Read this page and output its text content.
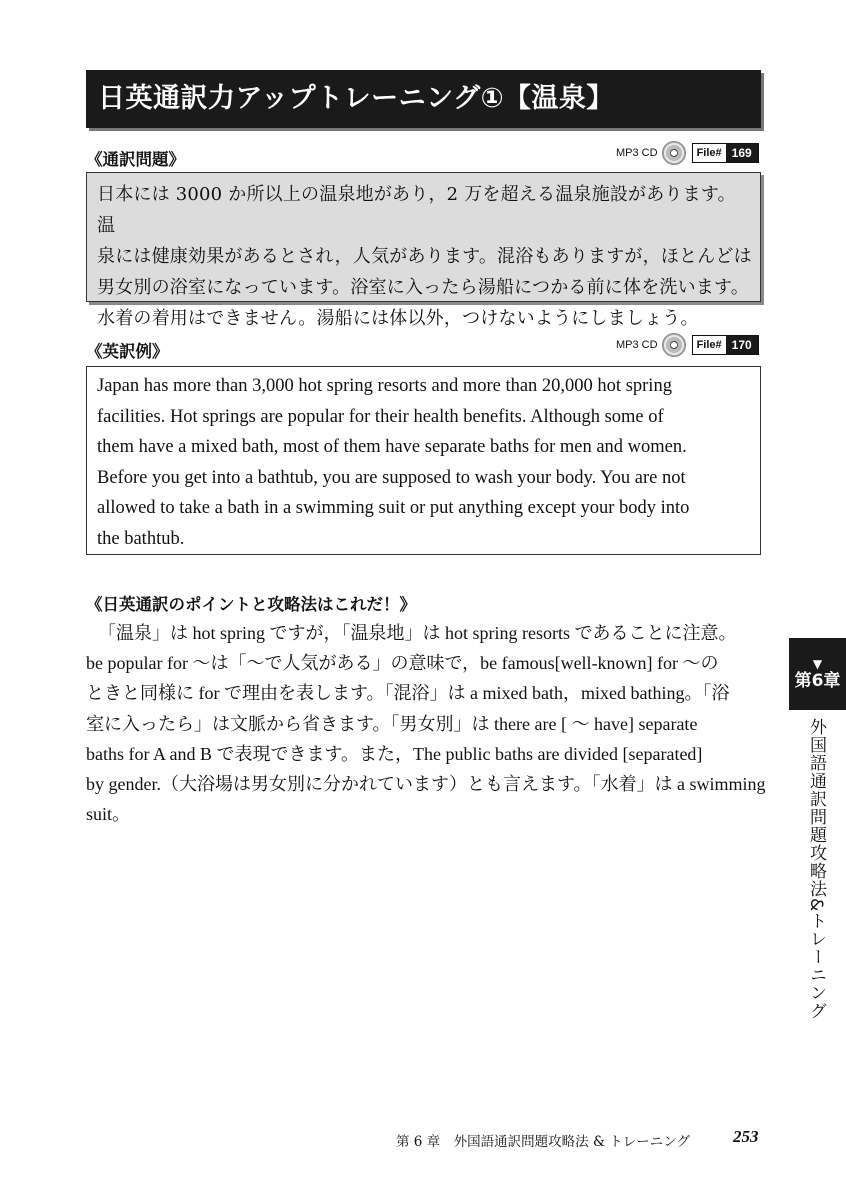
日英通訳力アップトレーニング①【温泉】
《通訳問題》	MP3 CD	File# 169
日本には 3000 か所以上の温泉地があり，2 万を超える温泉施設があります。温
泉には健康効果があるとされ，人気があります。混浴もありますが，ほとんどは
男女別の浴室になっています。浴室に入ったら湯船につかる前に体を洗います。
水着の着用はできません。湯船には体以外，つけないようにしましょう。
《英訳例》	MP3 CD	File# 170
Japan has more than 3,000 hot spring resorts and more than 20,000 hot spring
facilities. Hot springs are popular for their health benefits. Although some of
them have a mixed bath, most of them have separate baths for men and women.
Before you get into a bathtub, you are supposed to wash your body. You are not
allowed to take a bath in a swimming suit or put anything except your body into
the bathtub.
《日英通訳のポイントと攻略法はこれだ！》
「温泉」は hot spring ですが，「温泉地」は hot spring resorts であることに注意。
be popular for ～は「～で人気がある」の意味で，be famous[well-known] for ～の
ときと同様に for で理由を表します。「混浴」は a mixed bath，mixed bathing。「浴
室に入ったら」は文脈から省きます。「男女別」は there are [ ～ have] separate
baths for A and B で表現できます。また，The public baths are divided [separated]
by gender.（大浴場は男女別に分かれています）とも言えます。「水着」は a swimming
suit。
▼
第6章
外国語通訳問題攻略法&トレーニング
第 6 章　外国語通訳問題攻略法 & トレーニング	253
